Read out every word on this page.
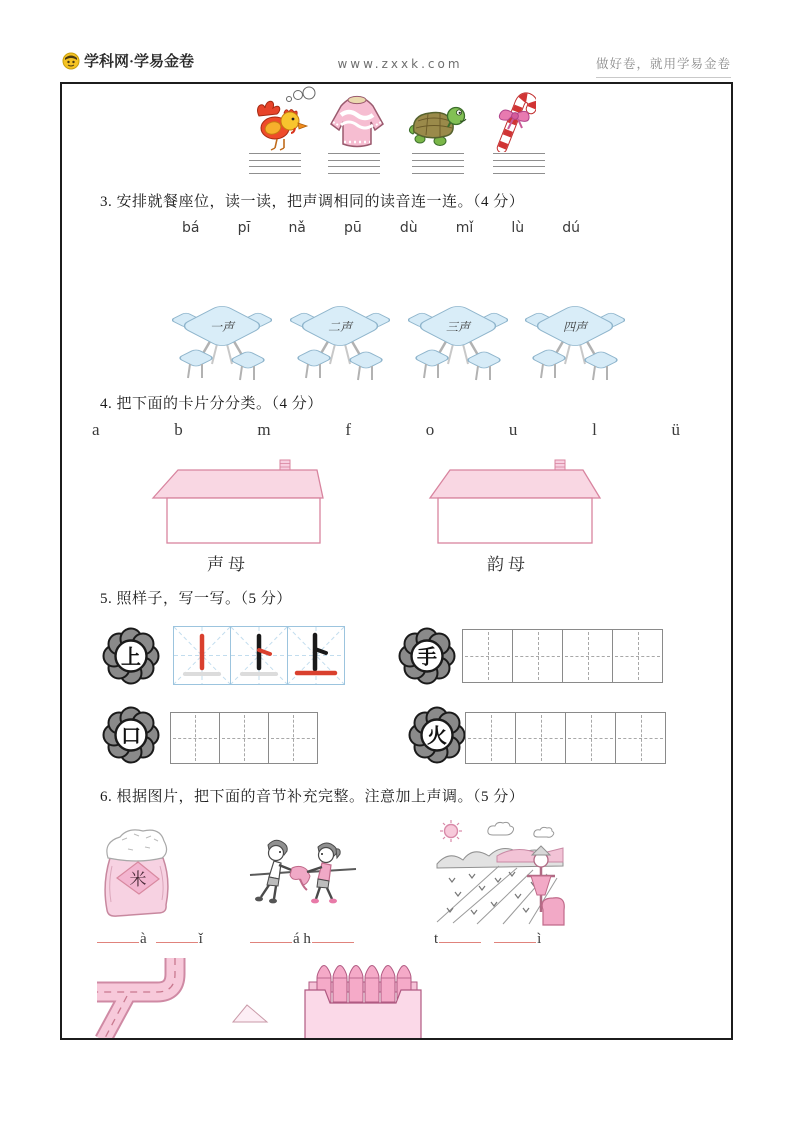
学科网·学易金卷	www.zxxk.com	做好卷，就用学易金卷
3. 安排就餐座位，读一读，把声调相同的读音连一连。（4 分）
bá	pī	nǎ	pū	dù	mǐ	lù	dú
一声	二声	三声	四声
4. 把下面的卡片分分类。（4 分）
a	b	m	f	o	u	l	ü
声母	韵母
5. 照样子，写一写。（5 分）
上	手
口	火
6. 根据图片，把下面的音节补充完整。注意加上声调。（5 分）
米
à	ǐ	á h	t	ì
